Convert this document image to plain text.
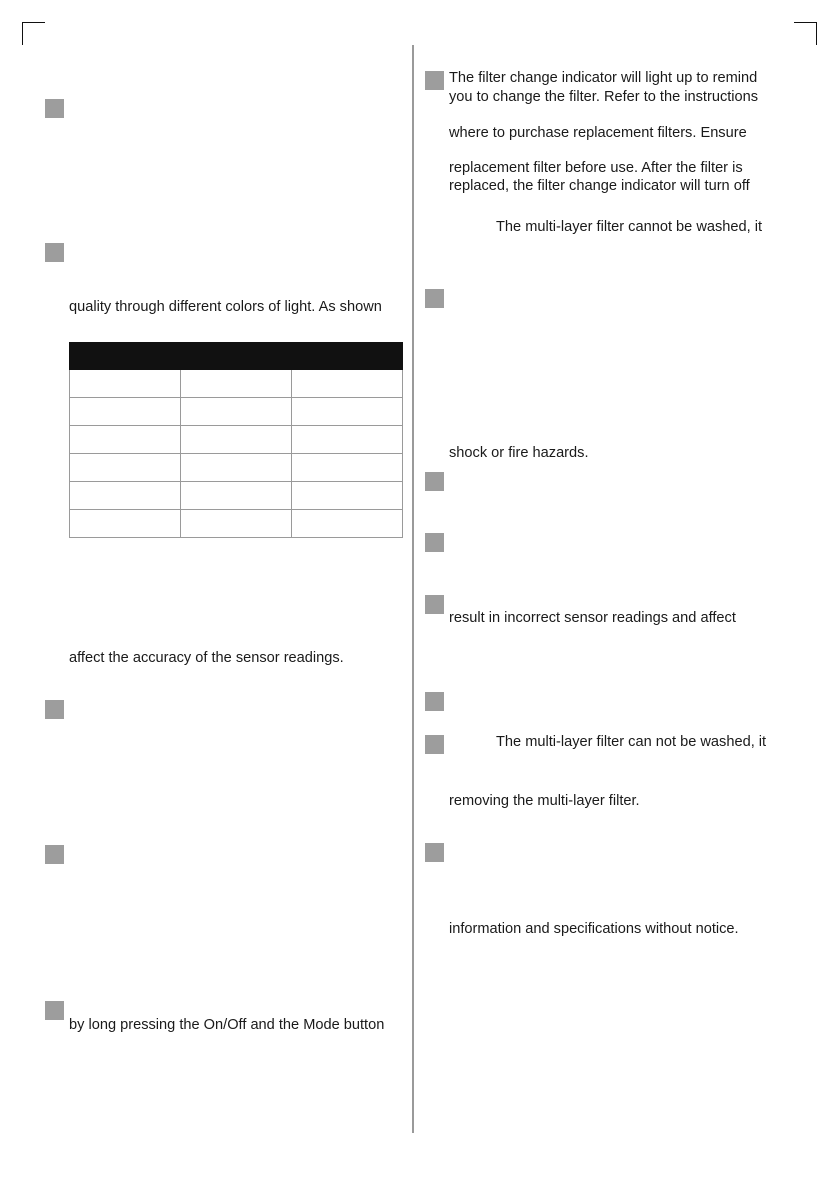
quality through different colors of light. As shown

affect the accuracy of the sensor readings.
by long pressing the On/Off and the Mode button
The filter change indicator will light up to remind
you to change the filter. Refer to the instructions
where to purchase replacement filters. Ensure
replacement filter before use. After the filter is
replaced, the filter change indicator will turn off
The multi-layer filter cannot be washed, it
shock or fire hazards.
result in incorrect sensor readings and affect
The multi-layer filter can not be washed, it
removing the multi-layer filter.
information and specifications without notice.
